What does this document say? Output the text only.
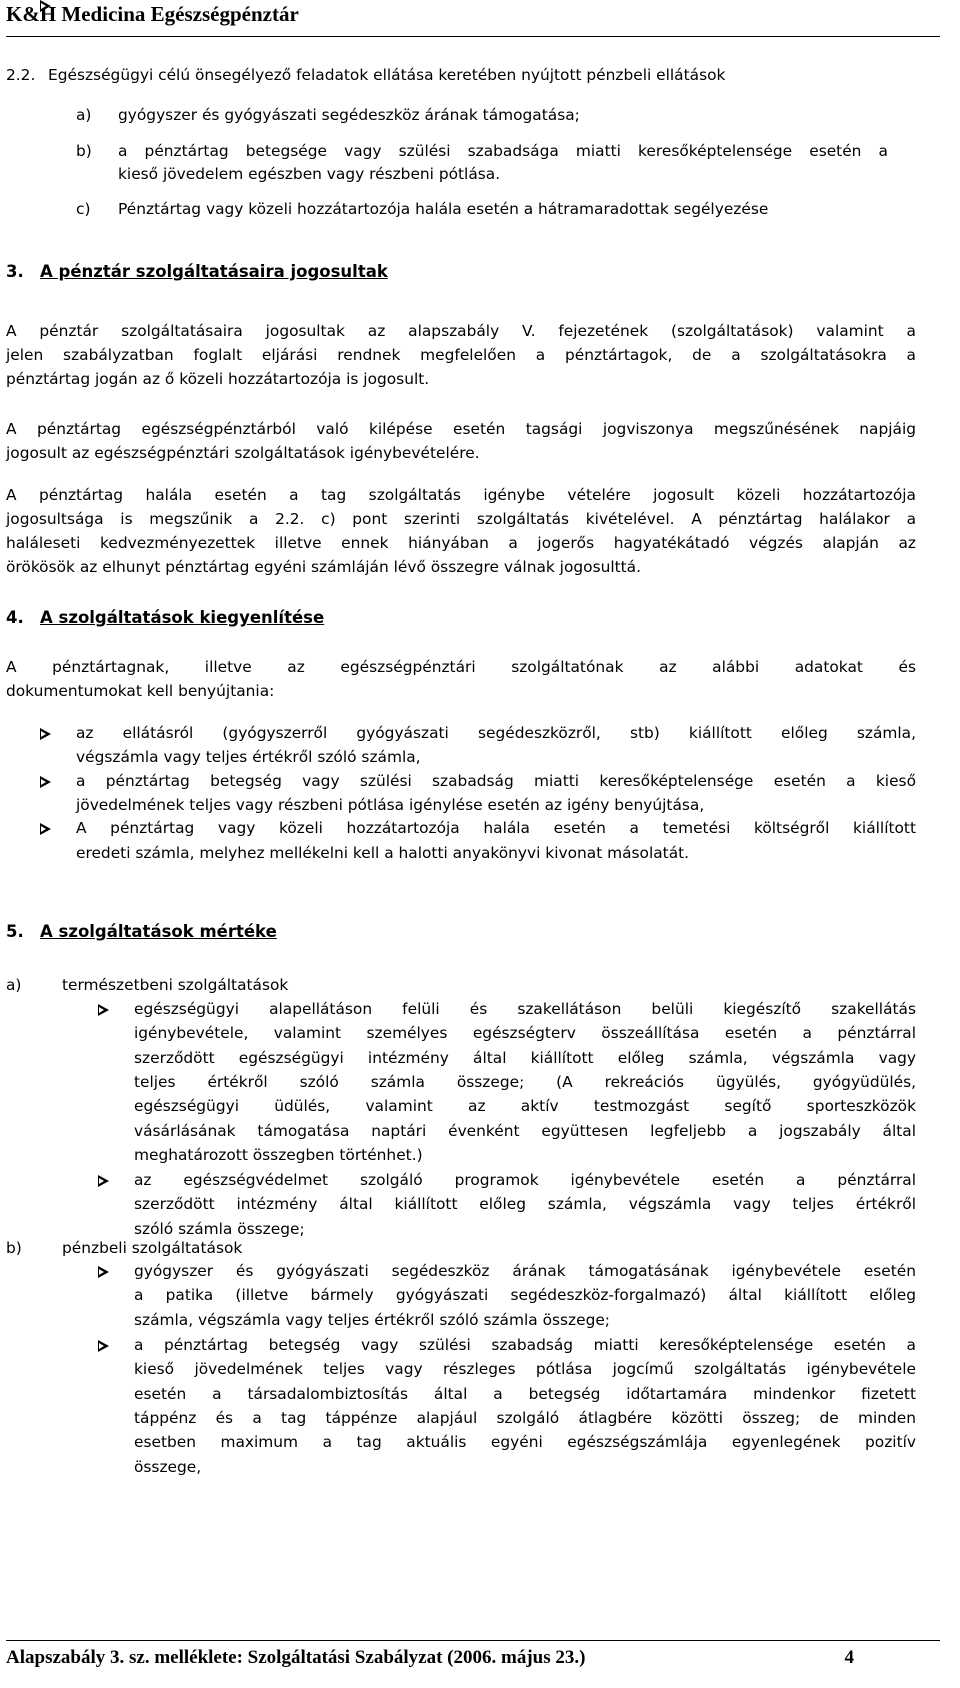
K&H Medicina Egészségpénztár
2.2. Egészségügyi célú önsegélyező feladatok ellátása keretében nyújtott pénzbeli ellátások
a) gyógyszer és gyógyászati segédeszköz árának támogatása;
b) a pénztártag betegsége vagy szülési szabadsága miatti keresőképtelensége esetén a
kieső jövedelem egészben vagy részbeni pótlása.
c) Pénztártag vagy közeli hozzátartozója halála esetén a hátramaradottak segélyezése
3. A pénztár szolgáltatásaira jogosultak
A pénztár szolgáltatásaira jogosultak az alapszabály V. fejezetének (szolgáltatások) valamint a
jelen szabályzatban foglalt eljárási rendnek megfelelően a pénztártagok, de a szolgáltatásokra a
pénztártag jogán az ő közeli hozzátartozója is jogosult.
A pénztártag egészségpénztárból való kilépése esetén tagsági jogviszonya megszűnésének napjáig
jogosult az egészségpénztári szolgáltatások igénybevételére.
A pénztártag halála esetén a tag szolgáltatás igénybe vételére jogosult közeli hozzátartozója
jogosultsága is megszűnik a 2.2. c) pont szerinti szolgáltatás kivételével. A pénztártag halálakor a
haláleseti kedvezményezettek illetve ennek hiányában a jogerős hagyatékátadó végzés alapján az
örökösök az elhunyt pénztártag egyéni számláján lévő összegre válnak jogosulttá.
4. A szolgáltatások kiegyenlítése
A pénztártagnak, illetve az egészségpénztári szolgáltatónak az alábbi adatokat és
dokumentumokat kell benyújtania:
az ellátásról (gyógyszerről gyógyászati segédeszközről, stb) kiállított előleg számla,
végszámla vagy teljes értékről szóló számla,
a pénztártag betegség vagy szülési szabadság miatti keresőképtelensége esetén a kieső
jövedelmének teljes vagy részbeni pótlása igénylése esetén az igény benyújtása,
A pénztártag vagy közeli hozzátartozója halála esetén a temetési költségről kiállított
eredeti számla, melyhez mellékelni kell a halotti anyakönyvi kivonat másolatát.
5. A szolgáltatások mértéke
a)	természetbeni szolgáltatások
egészségügyi alapellátáson felüli és szakellátáson belüli kiegészítő szakellátás
igénybevétele, valamint személyes egészségterv összeállítása esetén a pénztárral
szerződött egészségügyi intézmény által kiállított előleg számla, végszámla vagy
teljes értékről szóló számla összege; (A rekreációs ügyülés, gyógyüdülés,
egészségügyi üdülés, valamint az aktív testmozgást segítő sporteszközök
vásárlásának támogatása naptári évenként együttesen legfeljebb a jogszabály által
meghatározott összegben történhet.)
az egészségvédelmet szolgáló programok igénybevétele esetén a pénztárral
szerződött intézmény által kiállított előleg számla, végszámla vagy teljes értékről
szóló számla összege;
b)	pénzbeli szolgáltatások
gyógyszer és gyógyászati segédeszköz árának támogatásának igénybevétele esetén
a patika (illetve bármely gyógyászati segédeszköz-forgalmazó) által kiállított előleg
számla, végszámla vagy teljes értékről szóló számla összege;
a pénztártag betegség vagy szülési szabadság miatti keresőképtelensége esetén a
kieső jövedelmének teljes vagy részleges pótlása jogcímű szolgáltatás igénybevétele
esetén a társadalombiztosítás által a betegség időtartamára mindenkor fizetett
táppénz és a tag táppénze alapjául szolgáló átlagbére közötti összeg; de minden
esetben maximum a tag aktuális egyéni egészségszámlája egyenlegének pozitív
összege,
Alapszabály 3. sz. melléklete: Szolgáltatási Szabályzat (2006. május 23.)	4
